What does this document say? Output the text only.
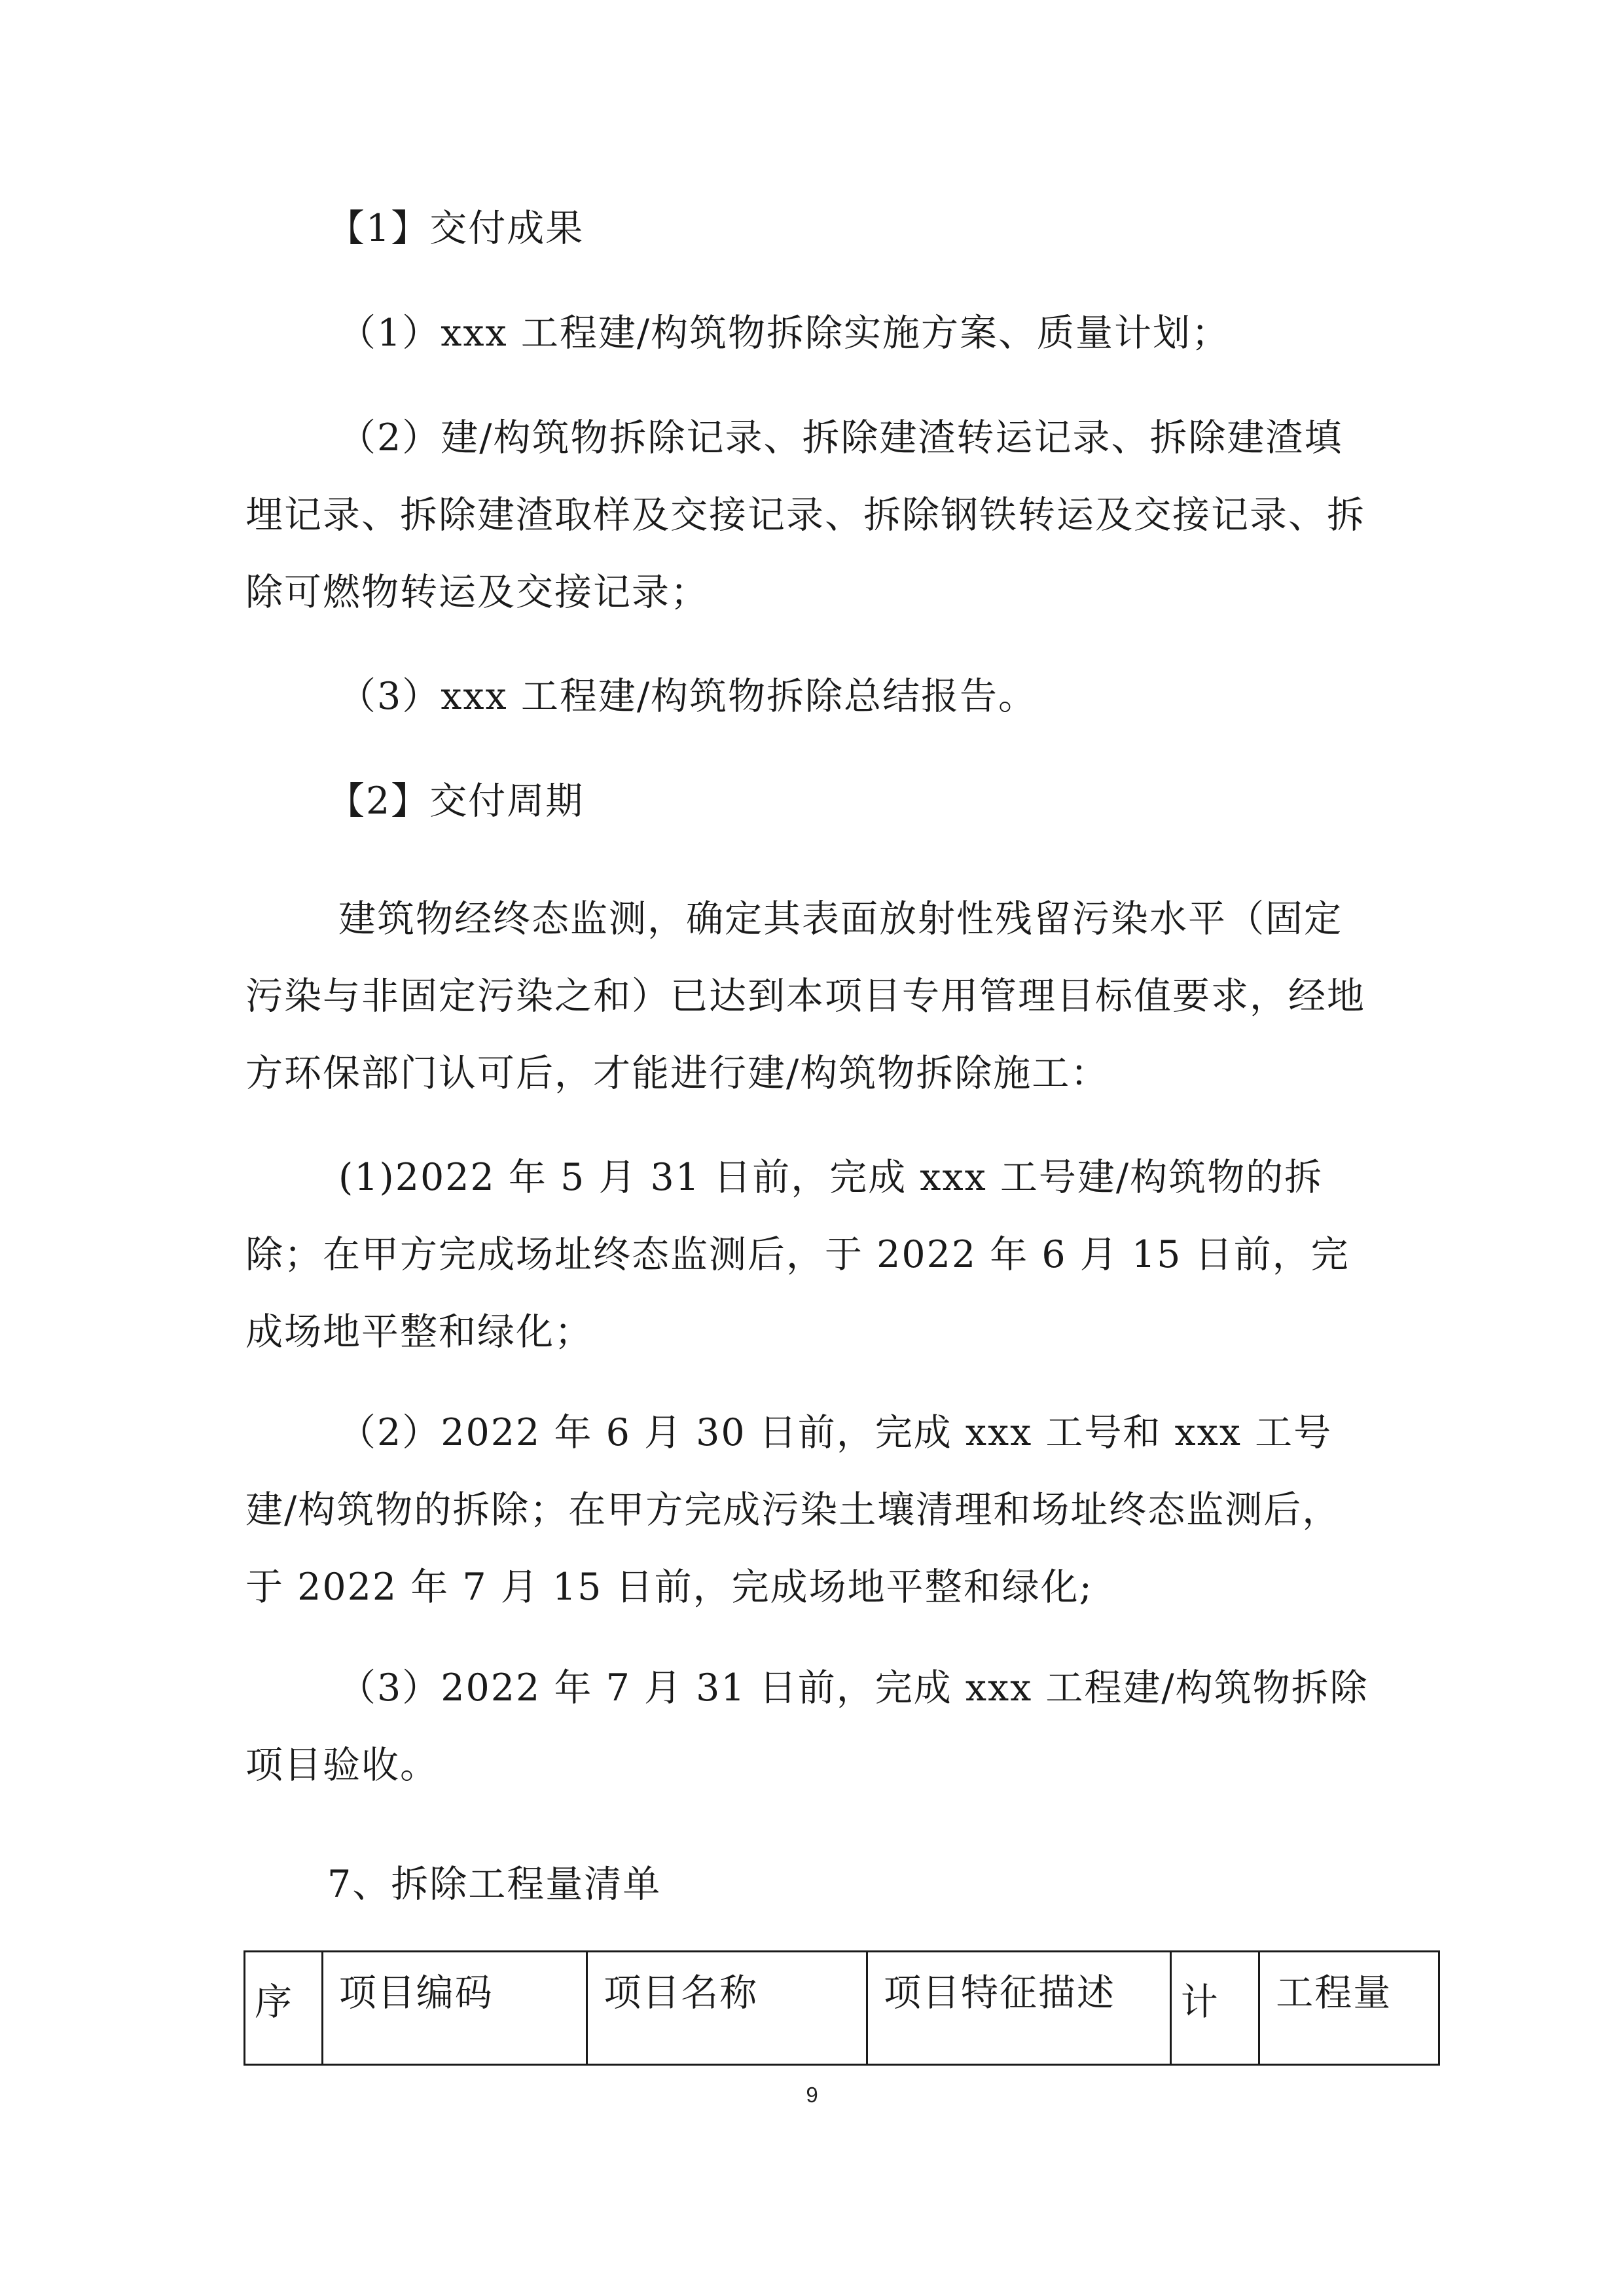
【1】交付成果

（1）xxx 工程建/构筑物拆除实施方案、质量计划；

（2）建/构筑物拆除记录、拆除建渣转运记录、拆除建渣填埋记录、拆除建渣取样及交接记录、拆除钢铁转运及交接记录、拆除可燃物转运及交接记录；

（3）xxx 工程建/构筑物拆除总结报告。

【2】交付周期

建筑物经终态监测，确定其表面放射性残留污染水平（固定污染与非固定污染之和）已达到本项目专用管理目标值要求，经地方环保部门认可后，才能进行建/构筑物拆除施工：

(1)2022 年 5 月 31 日前，完成 xxx 工号建/构筑物的拆除；在甲方完成场址终态监测后，于 2022 年 6 月 15 日前，完成场地平整和绿化；

（2）2022 年 6 月 30 日前，完成 xxx 工号和 xxx 工号建/构筑物的拆除；在甲方完成污染土壤清理和场址终态监测后，于 2022 年 7 月 15 日前，完成场地平整和绿化;

（3）2022 年 7 月 31 日前，完成 xxx 工程建/构筑物拆除项目验收。

7、拆除工程量清单

序	项目编码	项目名称	项目特征描述	计	工程量
9
